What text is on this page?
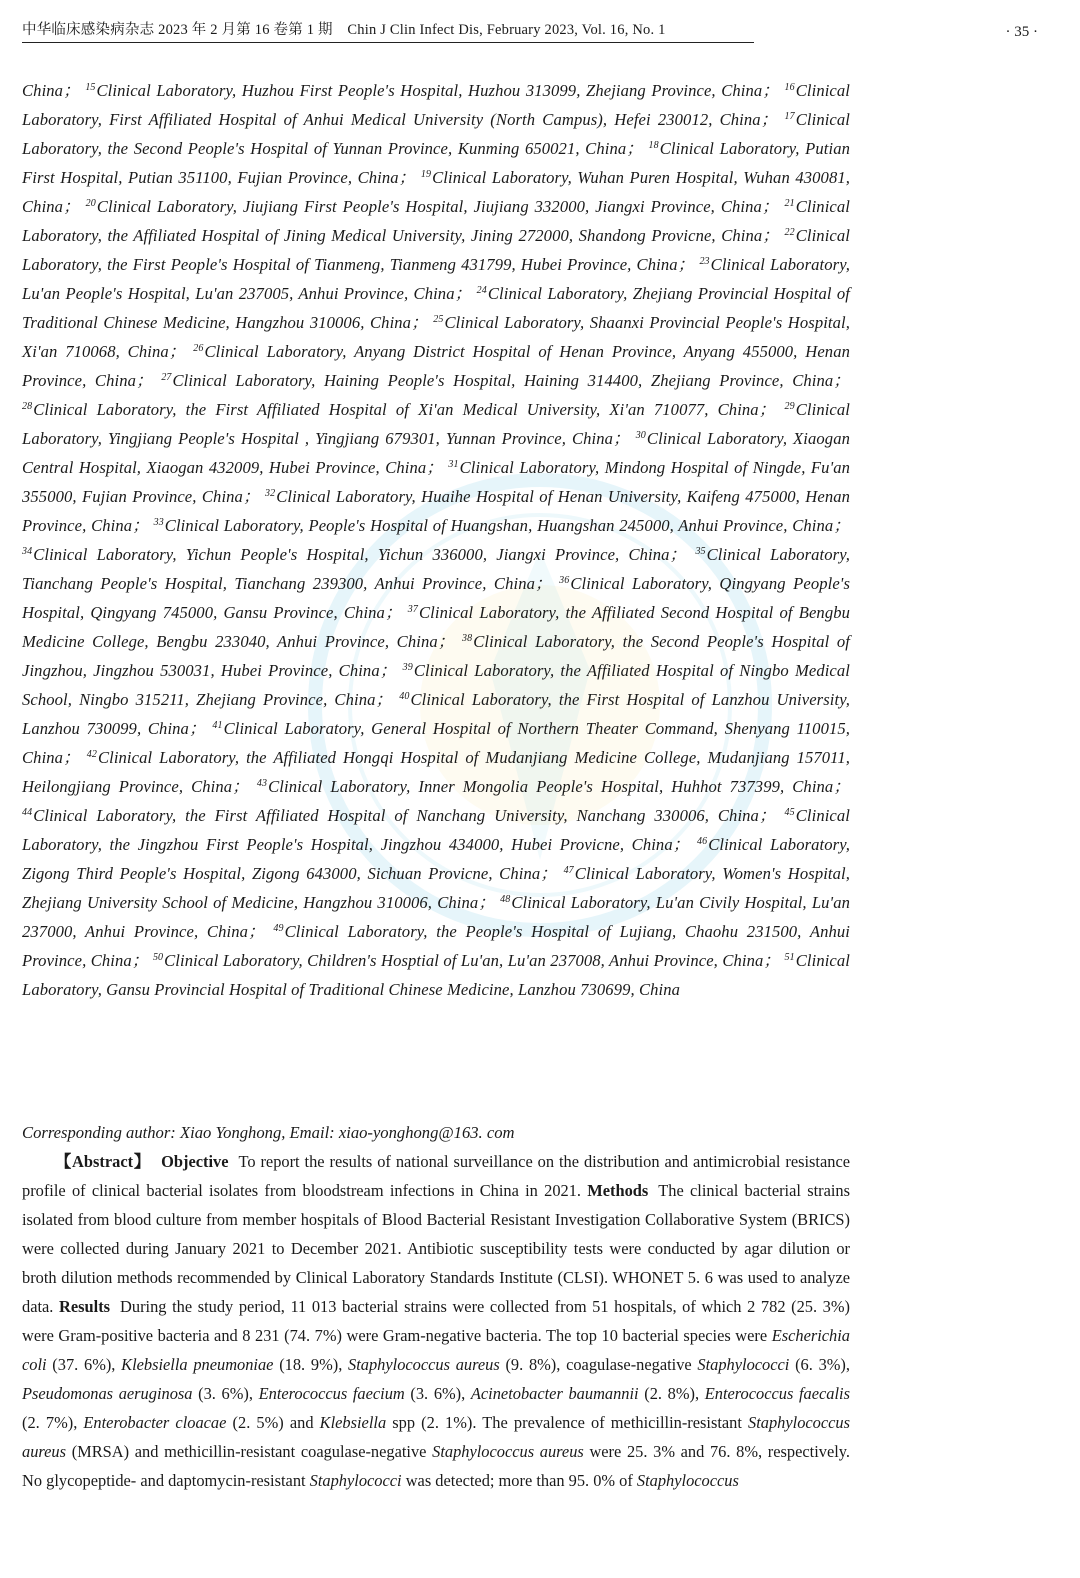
中华临床感染病杂志 2023 年 2 月第 16 卷第 1 期　Chin J Clin Infect Dis, February 2023, Vol. 16, No. 1	· 35 ·
China； $^{15}$Clinical Laboratory, Huzhou First People's Hospital, Huzhou 313099, Zhejiang Province, China； $^{16}$Clinical Laboratory, First Affiliated Hospital of Anhui Medical University (North Campus), Hefei 230012, China； $^{17}$Clinical Laboratory, the Second People's Hospital of Yunnan Province, Kunming 650021, China； $^{18}$Clinical Laboratory, Putian First Hospital, Putian 351100, Fujian Province, China； $^{19}$Clinical Laboratory, Wuhan Puren Hospital, Wuhan 430081, China； $^{20}$Clinical Laboratory, Jiujiang First People's Hospital, Jiujiang 332000, Jiangxi Province, China； $^{21}$Clinical Laboratory, the Affiliated Hospital of Jining Medical University, Jining 272000, Shandong Provicne, China； $^{22}$Clinical Laboratory, the First People's Hospital of Tianmeng, Tianmeng 431799, Hubei Province, China； $^{23}$Clinical Laboratory, Lu'an People's Hospital, Lu'an 237005, Anhui Province, China； $^{24}$Clinical Laboratory, Zhejiang Provincial Hospital of Traditional Chinese Medicine, Hangzhou 310006, China； $^{25}$Clinical Laboratory, Shaanxi Provincial People's Hospital, Xi'an 710068, China； $^{26}$Clinical Laboratory, Anyang District Hospital of Henan Province, Anyang 455000, Henan Province, China； $^{27}$Clinical Laboratory, Haining People's Hospital, Haining 314400, Zhejiang Province, China； $^{28}$Clinical Laboratory, the First Affiliated Hospital of Xi'an Medical University, Xi'an 710077, China； $^{29}$Clinical Laboratory, Yingjiang People's Hospital , Yingjiang 679301, Yunnan Province, China； $^{30}$Clinical Laboratory, Xiaogan Central Hospital, Xiaogan 432009, Hubei Province, China； $^{31}$Clinical Laboratory, Mindong Hospital of Ningde, Fu'an 355000, Fujian Province, China； $^{32}$Clinical Laboratory, Huaihe Hospital of Henan University, Kaifeng 475000, Henan Province, China； $^{33}$Clinical Laboratory, People's Hospital of Huangshan, Huangshan 245000, Anhui Province, China； $^{34}$Clinical Laboratory, Yichun People's Hospital, Yichun 336000, Jiangxi Province, China； $^{35}$Clinical Laboratory, Tianchang People's Hospital, Tianchang 239300, Anhui Province, China； $^{36}$Clinical Laboratory, Qingyang People's Hospital, Qingyang 745000, Gansu Province, China； $^{37}$Clinical Laboratory, the Affiliated Second Hospital of Bengbu Medicine College, Bengbu 233040, Anhui Province, China； $^{38}$Clinical Laboratory, the Second People's Hospital of Jingzhou, Jingzhou 530031, Hubei Province, China； $^{39}$Clinical Laboratory, the Affiliated Hospital of Ningbo Medical School, Ningbo 315211, Zhejiang Province, China； $^{40}$Clinical Laboratory, the First Hospital of Lanzhou University, Lanzhou 730099, China； $^{41}$Clinical Laboratory, General Hospital of Northern Theater Command, Shenyang 110015, China； $^{42}$Clinical Laboratory, the Affiliated Hongqi Hospital of Mudanjiang Medicine College, Mudanjiang 157011, Heilongjiang Province, China； $^{43}$Clinical Laboratory, Inner Mongolia People's Hospital, Huhhot 737399, China； $^{44}$Clinical Laboratory, the First Affiliated Hospital of Nanchang University, Nanchang 330006, China； $^{45}$Clinical Laboratory, the Jingzhou First People's Hospital, Jingzhou 434000, Hubei Provicne, China； $^{46}$Clinical Laboratory, Zigong Third People's Hospital, Zigong 643000, Sichuan Provicne, China； $^{47}$Clinical Laboratory, Women's Hospital, Zhejiang University School of Medicine, Hangzhou 310006, China； $^{48}$Clinical Laboratory, Lu'an Civily Hospital, Lu'an 237000, Anhui Province, China； $^{49}$Clinical Laboratory, the People's Hospital of Lujiang, Chaohu 231500, Anhui Province, China； $^{50}$Clinical Laboratory, Children's Hosptial of Lu'an, Lu'an 237008, Anhui Province, China； $^{51}$Clinical Laboratory, Gansu Provincial Hospital of Traditional Chinese Medicine, Lanzhou 730699, China
Corresponding author: Xiao Yonghong, Email: xiao-yonghong@163. com
【Abstract】 Objective To report the results of national surveillance on the distribution and antimicrobial resistance profile of clinical bacterial isolates from bloodstream infections in China in 2021. Methods The clinical bacterial strains isolated from blood culture from member hospitals of Blood Bacterial Resistant Investigation Collaborative System (BRICS) were collected during January 2021 to December 2021. Antibiotic susceptibility tests were conducted by agar dilution or broth dilution methods recommended by Clinical Laboratory Standards Institute (CLSI). WHONET 5. 6 was used to analyze data. Results During the study period, 11 013 bacterial strains were collected from 51 hospitals, of which 2 782 (25. 3%) were Gram-positive bacteria and 8 231 (74. 7%) were Gram-negative bacteria. The top 10 bacterial species were Escherichia coli (37. 6%), Klebsiella pneumoniae (18. 9%), Staphylococcus aureus (9. 8%), coagulase-negative Staphylococci (6. 3%), Pseudomonas aeruginosa (3. 6%), Enterococcus faecium (3. 6%), Acinetobacter baumannii (2. 8%), Enterococcus faecalis (2. 7%), Enterobacter cloacae (2. 5%) and Klebsiella spp (2. 1%). The prevalence of methicillin-resistant Staphylococcus aureus (MRSA) and methicillin-resistant coagulase-negative Staphylococcus aureus were 25. 3% and 76. 8%, respectively. No glycopeptide- and daptomycin-resistant Staphylococci was detected; more than 95. 0% of Staphylococcus
